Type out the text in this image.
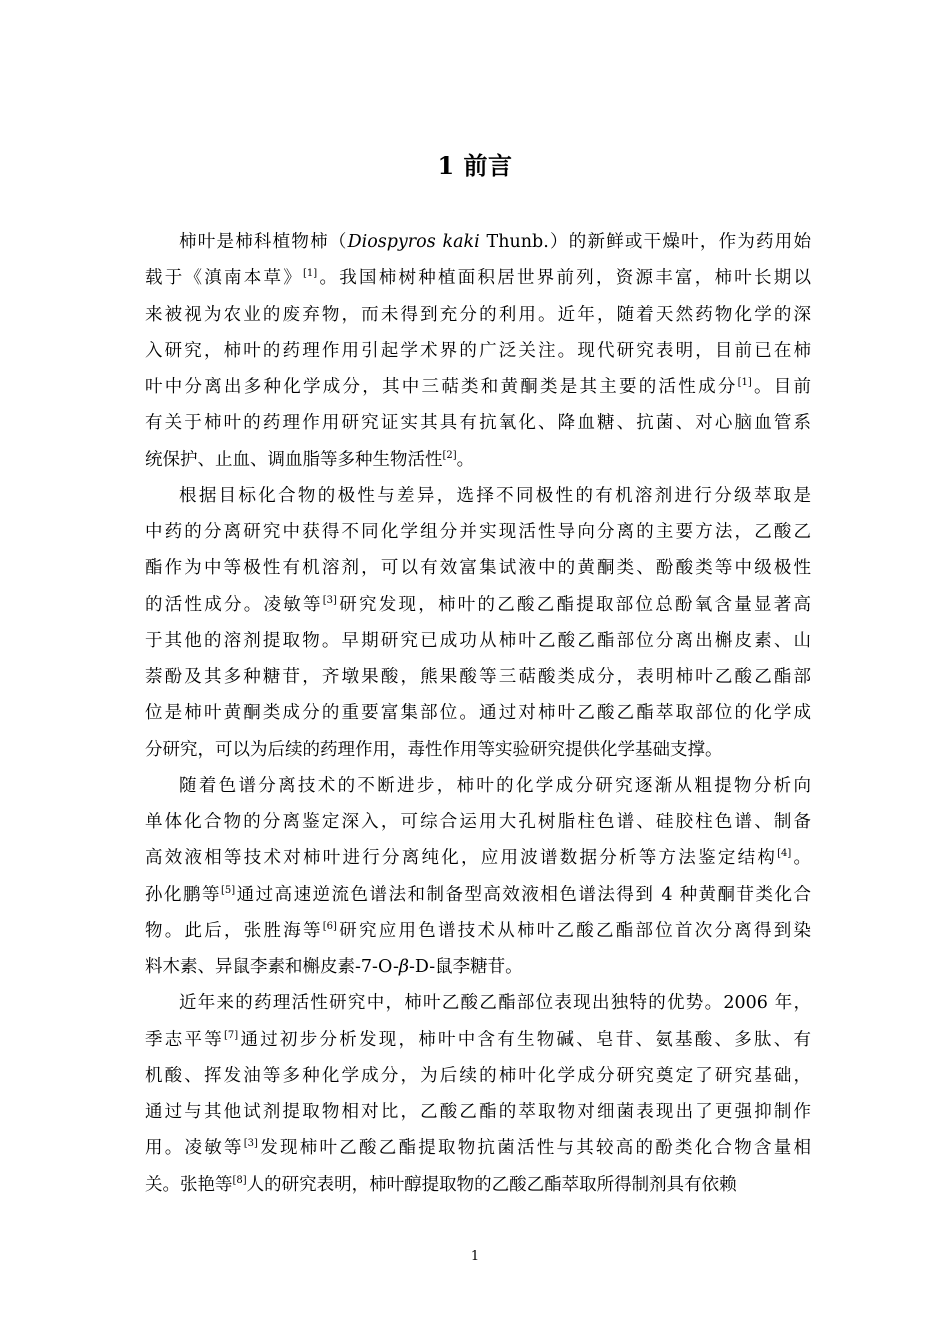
1 前言
柿叶是柿科植物柿（Diospyros kaki Thunb.）的新鲜或干燥叶，作为药用始
载于《滇南本草》[1]。我国柿树种植面积居世界前列，资源丰富，柿叶长期以
来被视为农业的废弃物，而未得到充分的利用。近年，随着天然药物化学的深
入研究，柿叶的药理作用引起学术界的广泛关注。现代研究表明，目前已在柿
叶中分离出多种化学成分，其中三萜类和黄酮类是其主要的活性成分[1]。目前
有关于柿叶的药理作用研究证实其具有抗氧化、降血糖、抗菌、对心脑血管系
统保护、止血、调血脂等多种生物活性[2]。
根据目标化合物的极性与差异，选择不同极性的有机溶剂进行分级萃取是
中药的分离研究中获得不同化学组分并实现活性导向分离的主要方法，乙酸乙
酯作为中等极性有机溶剂，可以有效富集试液中的黄酮类、酚酸类等中级极性
的活性成分。凌敏等[3]研究发现，柿叶的乙酸乙酯提取部位总酚氧含量显著高
于其他的溶剂提取物。早期研究已成功从柿叶乙酸乙酯部位分离出槲皮素、山
萘酚及其多种糖苷，齐墩果酸，熊果酸等三萜酸类成分，表明柿叶乙酸乙酯部
位是柿叶黄酮类成分的重要富集部位。通过对柿叶乙酸乙酯萃取部位的化学成
分研究，可以为后续的药理作用，毒性作用等实验研究提供化学基础支撑。
随着色谱分离技术的不断进步，柿叶的化学成分研究逐渐从粗提物分析向
单体化合物的分离鉴定深入，可综合运用大孔树脂柱色谱、硅胶柱色谱、制备
高效液相等技术对柿叶进行分离纯化，应用波谱数据分析等方法鉴定结构[4]。
孙化鹏等[5]通过高速逆流色谱法和制备型高效液相色谱法得到 4 种黄酮苷类化合
物。此后，张胜海等[6]研究应用色谱技术从柿叶乙酸乙酯部位首次分离得到染
料木素、异鼠李素和槲皮素-7-O-β-D-鼠李糖苷。
近年来的药理活性研究中，柿叶乙酸乙酯部位表现出独特的优势。2006 年，
季志平等[7]通过初步分析发现，柿叶中含有生物碱、皂苷、氨基酸、多肽、有
机酸、挥发油等多种化学成分，为后续的柿叶化学成分研究奠定了研究基础，
通过与其他试剂提取物相对比，乙酸乙酯的萃取物对细菌表现出了更强抑制作
用。凌敏等[3]发现柿叶乙酸乙酯提取物抗菌活性与其较高的酚类化合物含量相
关。张艳等[8]人的研究表明，柿叶醇提取物的乙酸乙酯萃取所得制剂具有依赖
1
